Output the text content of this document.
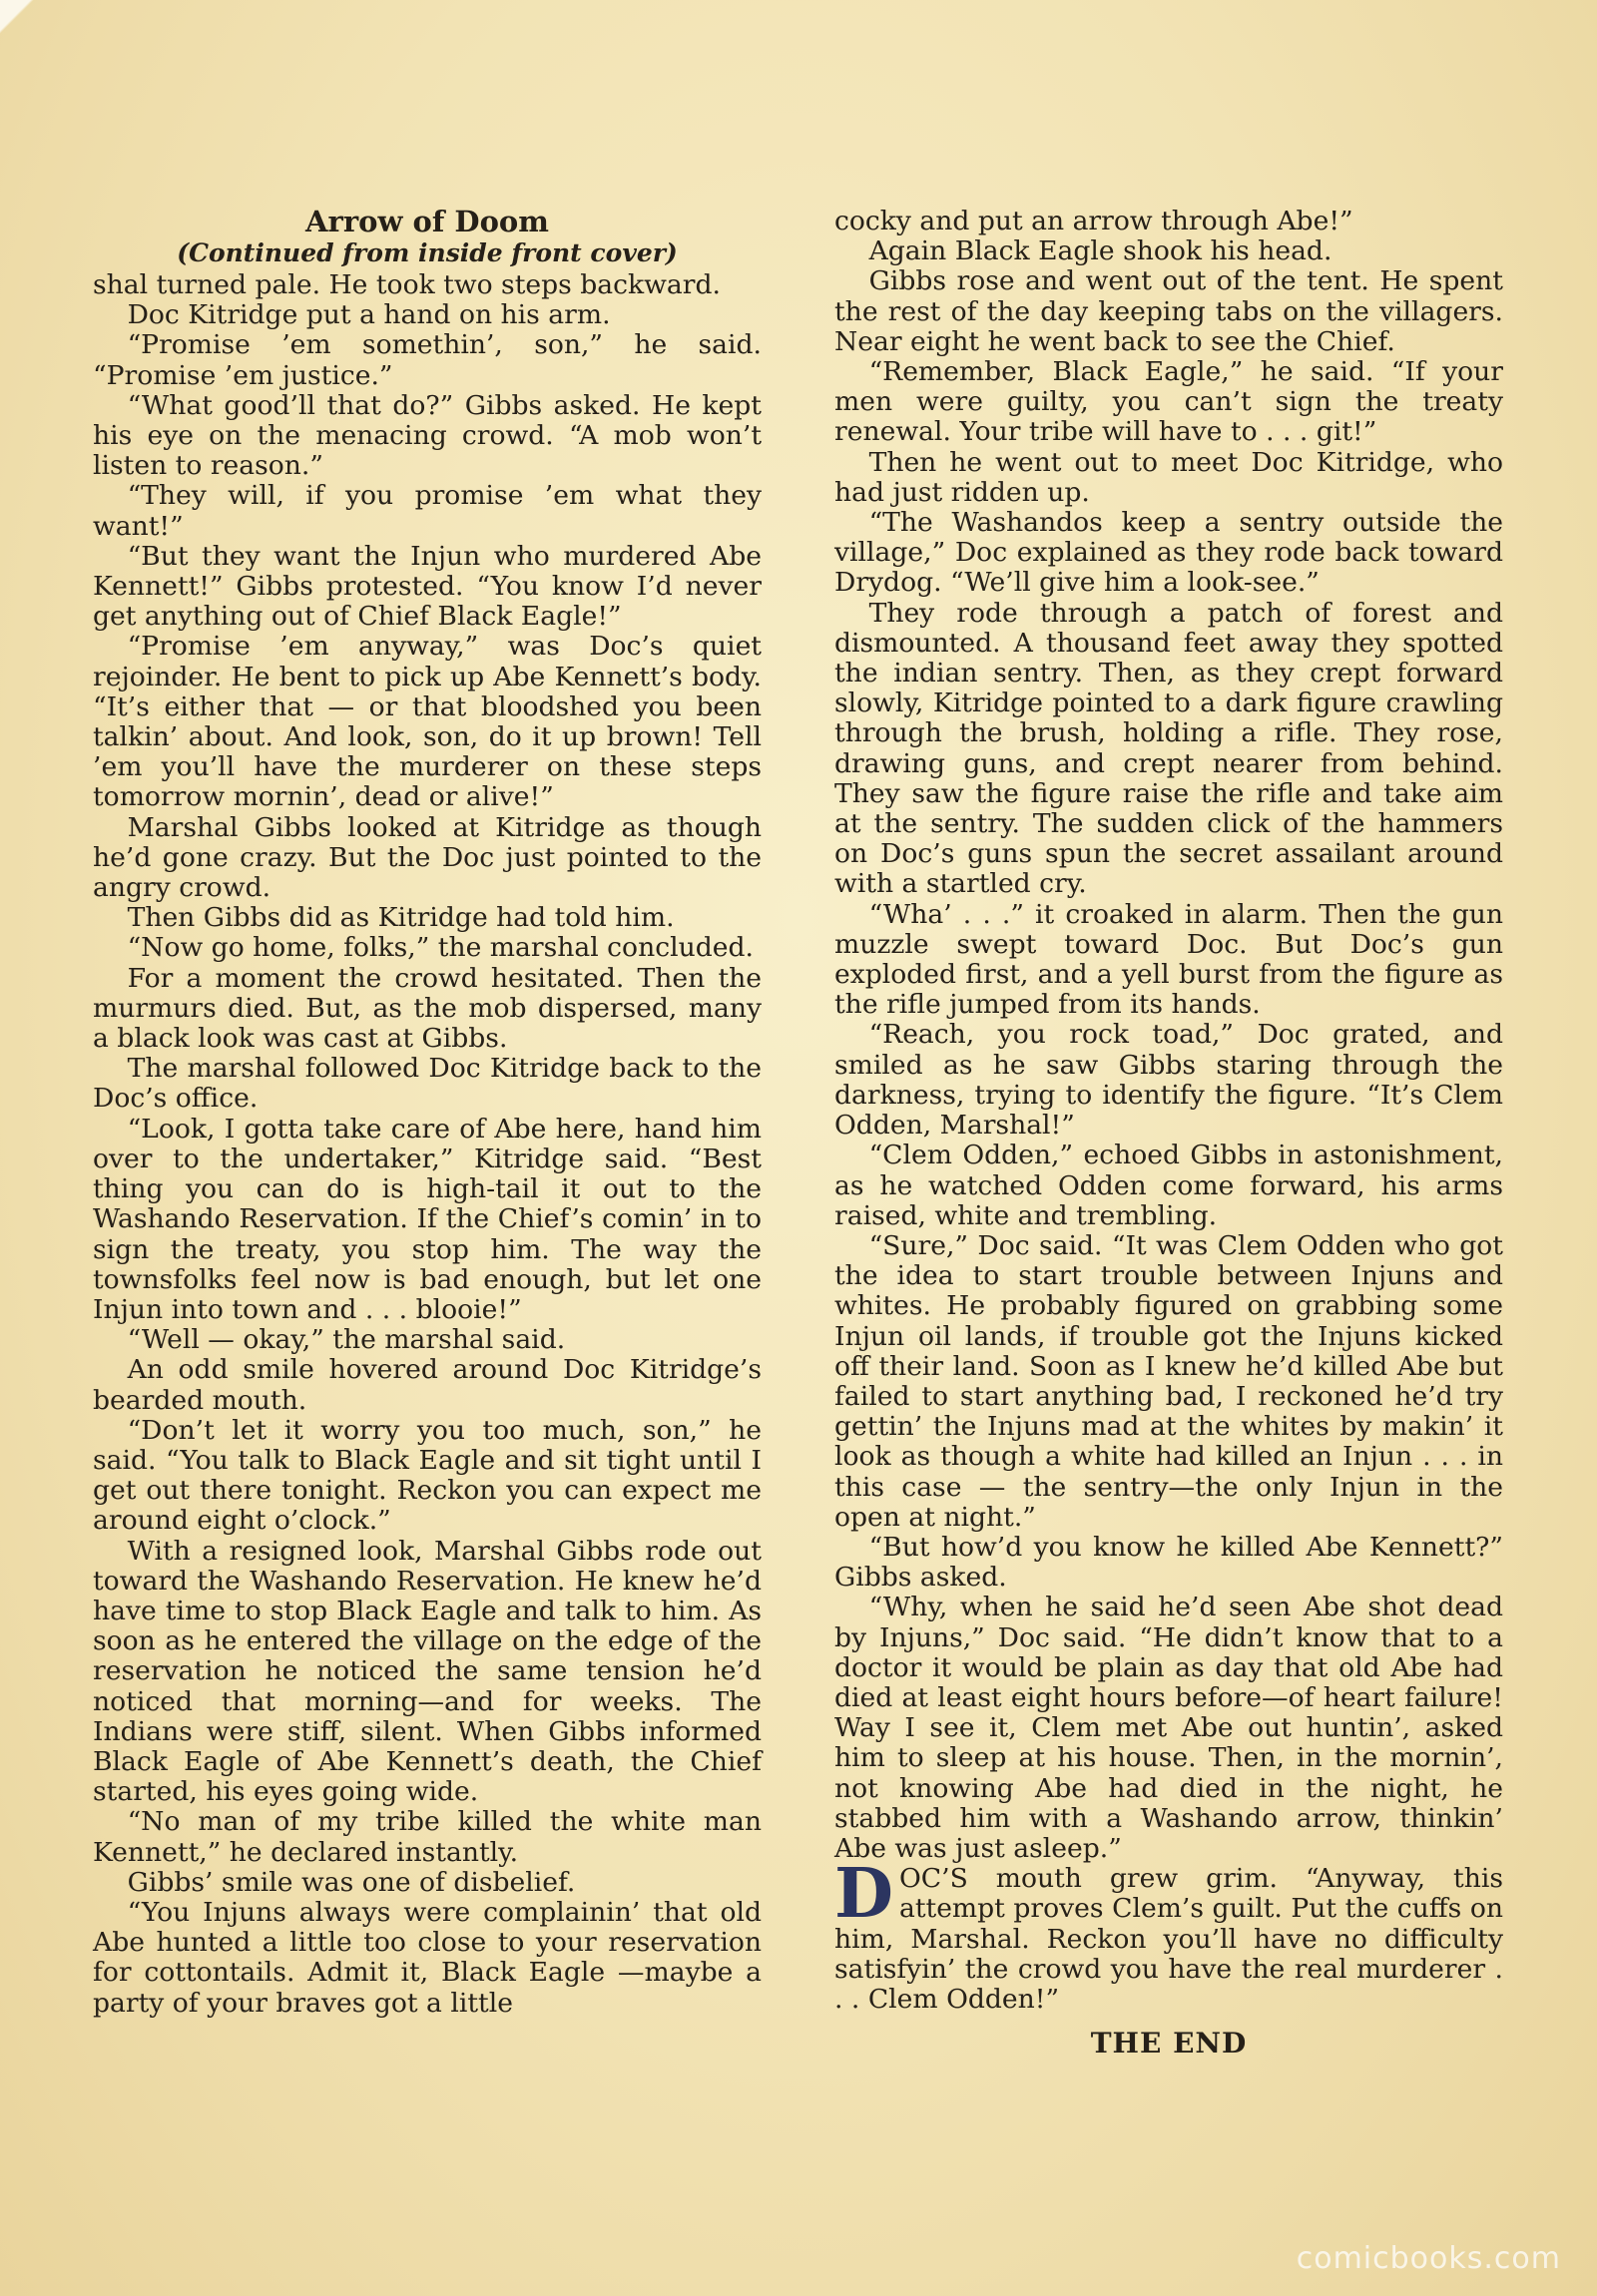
Arrow of Doom

(Continued from inside front cover)

shal turned pale. He took two steps backward.

Doc Kitridge put a hand on his arm.

“Promise ’em somethin’, son,” he said. “Promise ’em justice.”

“What good’ll that do?” Gibbs asked. He kept his eye on the menacing crowd. “A mob won’t listen to reason.”

“They will, if you promise ’em what they want!”

“But they want the Injun who murdered Abe Kennett!” Gibbs protested. “You know I’d never get anything out of Chief Black Eagle!”

“Promise ’em anyway,” was Doc’s quiet rejoinder. He bent to pick up Abe Kennett’s body. “It’s either that — or that bloodshed you been talkin’ about. And look, son, do it up brown! Tell ’em you’ll have the murderer on these steps tomorrow mornin’, dead or alive!”

Marshal Gibbs looked at Kitridge as though he’d gone crazy. But the Doc just pointed to the angry crowd.

Then Gibbs did as Kitridge had told him.

“Now go home, folks,” the marshal concluded.

For a moment the crowd hesitated. Then the murmurs died. But, as the mob dispersed, many a black look was cast at Gibbs.

The marshal followed Doc Kitridge back to the Doc’s office.

“Look, I gotta take care of Abe here, hand him over to the undertaker,” Kitridge said. “Best thing you can do is high-tail it out to the Washando Reservation. If the Chief’s comin’ in to sign the treaty, you stop him. The way the townsfolks feel now is bad enough, but let one Injun into town and . . . blooie!”

“Well — okay,” the marshal said.

An odd smile hovered around Doc Kitridge’s bearded mouth.

“Don’t let it worry you too much, son,” he said. “You talk to Black Eagle and sit tight until I get out there tonight. Reckon you can expect me around eight o’clock.”

With a resigned look, Marshal Gibbs rode out toward the Washando Reservation. He knew he’d have time to stop Black Eagle and talk to him. As soon as he entered the village on the edge of the reservation he noticed the same tension he’d noticed that morning—and for weeks. The Indians were stiff, silent. When Gibbs informed Black Eagle of Abe Kennett’s death, the Chief started, his eyes going wide.

“No man of my tribe killed the white man Kennett,” he declared instantly.

Gibbs’ smile was one of disbelief.

“You Injuns always were complainin’ that old Abe hunted a little too close to your reservation for cottontails. Admit it, Black Eagle —maybe a party of your braves got a little

cocky and put an arrow through Abe!”

Again Black Eagle shook his head.

Gibbs rose and went out of the tent. He spent the rest of the day keeping tabs on the villagers. Near eight he went back to see the Chief.

“Remember, Black Eagle,” he said. “If your men were guilty, you can’t sign the treaty renewal. Your tribe will have to . . . git!”

Then he went out to meet Doc Kitridge, who had just ridden up.

“The Washandos keep a sentry outside the village,” Doc explained as they rode back toward Drydog. “We’ll give him a look-see.”

They rode through a patch of forest and dismounted. A thousand feet away they spotted the indian sentry. Then, as they crept forward slowly, Kitridge pointed to a dark figure crawling through the brush, holding a rifle. They rose, drawing guns, and crept nearer from behind. They saw the figure raise the rifle and take aim at the sentry. The sudden click of the hammers on Doc’s guns spun the secret assailant around with a startled cry.

“Wha’ . . .” it croaked in alarm. Then the gun muzzle swept toward Doc. But Doc’s gun exploded first, and a yell burst from the figure as the rifle jumped from its hands.

“Reach, you rock toad,” Doc grated, and smiled as he saw Gibbs staring through the darkness, trying to identify the figure. “It’s Clem Odden, Marshal!”

“Clem Odden,” echoed Gibbs in astonishment, as he watched Odden come forward, his arms raised, white and trembling.

“Sure,” Doc said. “It was Clem Odden who got the idea to start trouble between Injuns and whites. He probably figured on grabbing some Injun oil lands, if trouble got the Injuns kicked off their land. Soon as I knew he’d killed Abe but failed to start anything bad, I reckoned he’d try gettin’ the Injuns mad at the whites by makin’ it look as though a white had killed an Injun . . . in this case — the sentry—the only Injun in the open at night.”

“But how’d you know he killed Abe Kennett?” Gibbs asked.

“Why, when he said he’d seen Abe shot dead by Injuns,” Doc said. “He didn’t know that to a doctor it would be plain as day that old Abe had died at least eight hours before—of heart failure! Way I see it, Clem met Abe out huntin’, asked him to sleep at his house. Then, in the mornin’, not knowing Abe had died in the night, he stabbed him with a Washando arrow, thinkin’ Abe was just asleep.”

DOC’S mouth grew grim. “Anyway, this attempt proves Clem’s guilt. Put the cuffs on him, Marshal. Reckon you’ll have no difficulty satisfyin’ the crowd you have the real murderer . . . Clem Odden!”

THE END
comicbooks.com
